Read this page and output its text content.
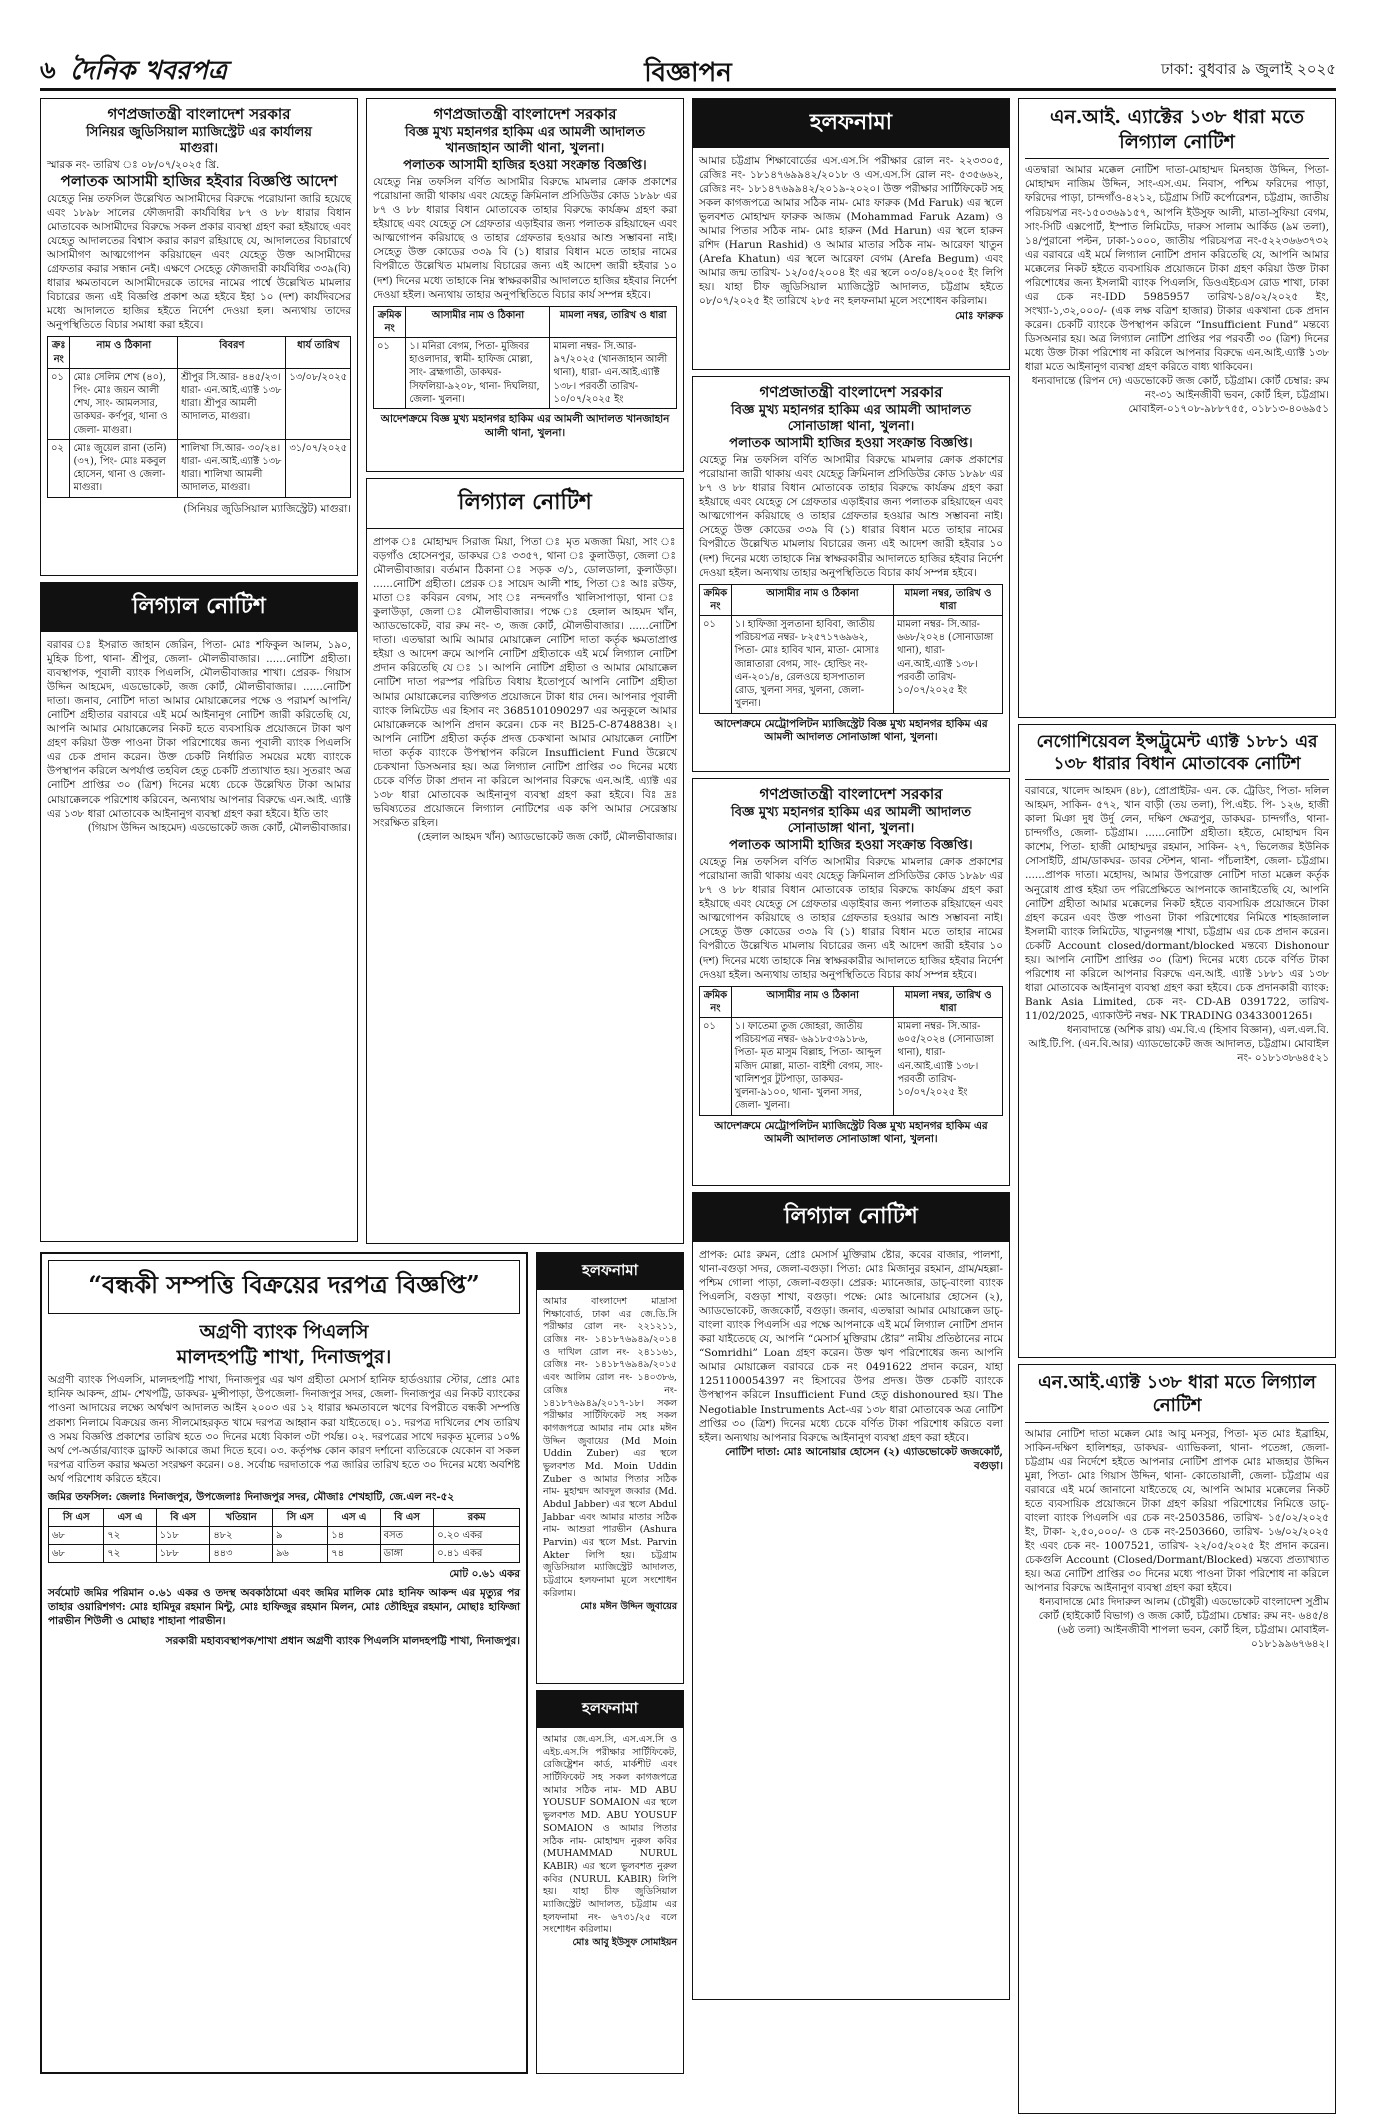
৬ দৈনিক খবরপত্র	বিজ্ঞাপন	ঢাকা: বুধবার ৯ জুলাই ২০২৫
গণপ্রজাতন্ত্রী বাংলাদেশ সরকার
সিনিয়র জুডিসিয়াল ম্যাজিস্ট্রেট এর কার্যালয়
মাগুরা।
স্মারক নং- তারিখ ঃ ০৮/০৭/২০২৫ খ্রি.
পলাতক আসামী হাজির হইবার বিজ্ঞপ্তি আদেশ
যেহেতু নিম্ন তফসিল উল্লেখিত আসামীদের বিরুদ্ধে পরোয়ানা জারি হয়েছে এবং ১৮৯৮ সালের ফৌজদারী কার্যবিধির ৮৭ ও ৮৮ ধারার বিধান মোতাবেক আসামীদের বিরুদ্ধে সকল প্রকার ব্যবস্থা গ্রহণ করা হইয়াছে এবং যেহেতু আদালতের বিশ্বাস করার কারণ রহিয়াছে যে, আদালতের বিচারার্থে আসামীগণ আত্মগোপন করিয়াছেন এবং যেহেতু উক্ত আসামীদের গ্রেফতার করার সন্ধান নেই। এক্ষণে সেহেতু ফৌজদারী কার্যবিধির ৩৩৯(বি) ধারার ক্ষমতাবলে আসামীদেরকে তাদের নামের পার্শ্বে উল্লেখিত মামলার বিচারের জন্য এই বিজ্ঞপ্তি প্রকাশ অত্র হইবে ইহা ১০ (দশ) কার্যদিবসের মধ্যে আদালতে হাজির হইতে নির্দেশ দেওয়া হল। অন্যথায় তাদের অনুপস্থিতিতে বিচার সমাধা করা হইবে।
ক্রঃ নং	নাম ও ঠিকানা	বিবরণ	ধার্য তারিখ
০১	মোঃ সেলিম শেখ (৪০), পিং- মোঃ জয়ন আলী শেখ, সাং- আমলসার, ডাকঘর- কর্ণপুর, থানা ও জেলা- মাগুরা।	শ্রীপুর সি.আর- ৪৪৫/২৩। ধারা- এন.আই.এ্যাক্ট ১৩৮ ধারা। শ্রীপুর আমলী আদালত, মাগুরা।	১৩/০৮/২০২৫
০২	মোঃ জুয়েল রানা (তনি) (৩৭), পিং- মোঃ মকবুল হোসেন, থানা ও জেলা- মাগুরা।	শালিখা সি.আর- ৩০/২৪। ধারা- এন.আই.এ্যাক্ট ১৩৮ ধারা। শালিখা আমলী আদালত, মাগুরা।	৩১/০৭/২০২৫
(সিনিয়র জুডিসিয়াল ম্যাজিস্ট্রেট) মাগুরা।
লিগ্যাল নোটিশ
বরাবর ঃ ইসরাত জাহান জেরিন, পিতা- মোঃ শফিকুল আলম, ১৯০, মুহিক চিপা, থানা- শ্রীপুর, জেলা- মৌলভীবাজার। ......নোটিশ গ্রহীতা। ব্যবস্থাপক, পূবালী ব্যাংক পিএলসি, মৌলভীবাজার শাখা। প্রেরক- গিয়াস উদ্দিন আহমেদ, এডভোকেট, জজ কোর্ট, মৌলভীবাজার। ......নোটিশ দাতা। জনাব, নোটিশ দাতা আমার মোয়াক্কেলের পক্ষে ও পরামর্শ আপনি/নোটিশ গ্রহীতার বরাবরে এই মর্মে আইনানুগ নোটিশ জারী করিতেছি যে, আপনি আমার মোয়াক্কেলের নিকট হতে ব্যবসায়িক প্রয়োজনে টাকা ঋণ গ্রহণ করিয়া উক্ত পাওনা টাকা পরিশোধের জন্য পূবালী ব্যাংক পিএলসি এর চেক প্রদান করেন। উক্ত চেকটি নির্ধারিত সময়ের মধ্যে ব্যাংকে উপস্থাপন করিলে অপর্যাপ্ত তহবিল হেতু চেকটি প্রত্যাখাত হয়। সুতরাং অত্র নোটিশ প্রাপ্তির ৩০ (ত্রিশ) দিনের মধ্যে চেকে উল্লেখিত টাকা আমার মোয়াক্কেলকে পরিশোধ করিবেন, অন্যথায় আপনার বিরুদ্ধে এন.আই. এ্যাক্ট এর ১৩৮ ধারা মোতাবেক আইনানুগ ব্যবস্থা গ্রহণ করা হইবে। ইতি তাং
(গিয়াস উদ্দিন আহমেদ) এডভোকেট জজ কোর্ট, মৌলভীবাজার।
“বন্ধকী সম্পত্তি বিক্রয়ের দরপত্র বিজ্ঞপ্তি”
অগ্রণী ব্যাংক পিএলসি
মালদহপট্টি শাখা, দিনাজপুর।
অগ্রণী ব্যাংক পিএলসি, মালদহপট্টি শাখা, দিনাজপুর এর ঋণ গ্রহীতা মেসার্স হানিফ হার্ডওয়্যার স্টোর, প্রোঃ মোঃ হানিফ আকন্দ, গ্রাম- শেখপট্টি, ডাকঘর- মুন্সীপাড়া, উপজেলা- দিনাজপুর সদর, জেলা- দিনাজপুর এর নিকট ব্যাংকের পাওনা আদায়ের লক্ষ্যে অর্থঋণ আদালত আইন ২০০৩ এর ১২ ধারার ক্ষমতাবলে ঋণের বিপরীতে বন্ধকী সম্পত্তি প্রকাশ্য নিলামে বিক্রয়ের জন্য সীলমোহরকৃত খামে দরপত্র আহ্বান করা যাইতেছে। ০১. দরপত্র দাখিলের শেষ তারিখ ও সময় বিজ্ঞপ্তি প্রকাশের তারিখ হতে ৩০ দিনের মধ্যে বিকাল ৩টা পর্যন্ত। ০২. দরপত্রের সাথে দরকৃত মূল্যের ১০% অর্থ পে-অর্ডার/ব্যাংক ড্রাফট আকারে জমা দিতে হবে। ০৩. কর্তৃপক্ষ কোন কারণ দর্শানো ব্যতিরেকে যেকোন বা সকল দরপত্র বাতিল করার ক্ষমতা সংরক্ষণ করেন। ০৪. সর্বোচ্চ দরদাতাকে পত্র জারির তারিখ হতে ৩০ দিনের মধ্যে অবশিষ্ট অর্থ পরিশোধ করিতে হইবে।
জমির তফসিল: জেলাঃ দিনাজপুর, উপজেলাঃ দিনাজপুর সদর, মৌজাঃ শেখহাটি, জে.এল নং-৫২
সি এস	এস এ	বি এস	খতিয়ান	সি এস	এস এ	বি এস	রকম
৬৮	৭২	১১৮	৪৮২	৯	১৪	বসত	০.২০ একর
৬৮	৭২	১৮৮	৪৪৩	৯৬	৭৪	ডাঙ্গা	০.৪১ একর
মোট ০.৬১ একর
সর্বমোট জমির পরিমান ০.৬১ একর ও তদস্থ অবকাঠামো এবং জমির মালিক মোঃ হানিফ আকন্দ এর মৃত্যুর পর তাহার ওয়ারিশগণ: মোঃ হামিদুর রহমান মিন্টু, মোঃ হাফিজুর রহমান মিলন, মোঃ তৌহিদুর রহমান, মোছাঃ হাফিজা পারভীন শিউলী ও মোছাঃ শাহানা পারভীন।
সরকারী মহাব্যবস্থাপক/শাখা প্রধান অগ্রণী ব্যাংক পিএলসি মালদহপট্টি শাখা, দিনাজপুর।
গণপ্রজাতন্ত্রী বাংলাদেশ সরকার
বিজ্ঞ মুখ্য মহানগর হাকিম এর আমলী আদালত
খানজাহান আলী থানা, খুলনা।
পলাতক আসামী হাজির হওয়া সংক্রান্ত বিজ্ঞপ্তি।
যেহেতু নিম্ন তফসিল বর্ণিত আসামীর বিরুদ্ধে মামলার ক্রোক প্রকাশের পরোয়ানা জারী থাকায় এবং যেহেতু ক্রিমিনাল প্রসিডিউর কোড ১৮৯৮ এর ৮৭ ও ৮৮ ধারার বিধান মোতাবেক তাহার বিরুদ্ধে কার্যক্রম গ্রহণ করা হইয়াছে এবং যেহেতু সে গ্রেফতার এড়াইবার জন্য পলাতক রহিয়াছেন এবং আত্মগোপন করিয়াছে ও তাহার গ্রেফতার হওয়ার আশু সম্ভাবনা নাই। সেহেতু উক্ত কোডের ৩৩৯ বি (১) ধারার বিধান মতে তাহার নামের বিপরীতে উল্লেখিত মামলায় বিচারের জন্য এই আদেশ জারী হইবার ১০ (দশ) দিনের মধ্যে তাহাকে নিম্ন স্বাক্ষরকারীর আদালতে হাজির হইবার নির্দেশ দেওয়া হইল। অন্যথায় তাহার অনুপস্থিতিতে বিচার কার্য সম্পন্ন হইবে।
ক্রমিক নং	আসামীর নাম ও ঠিকানা	মামলা নম্বর, তারিখ ও ধারা
০১	১। মনিরা বেগম, পিতা- মুজিবর হাওলাদার, স্বামী- হাফিজ মোল্লা, সাং- ব্রহ্মগাতী, ডাকঘর- সিফলিয়া-৯২০৮, থানা- দিঘলিয়া, জেলা- খুলনা।	মামলা নম্বর- সি.আর- ৯৭/২০২৫ (খানজাহান আলী থানা), ধারা- এন.আই.এ্যাক্ট ১৩৮। পরবর্তী তারিখ- ১০/০৭/২০২৫ ইং
আদেশক্রমে বিজ্ঞ মুখ্য মহানগর হাকিম এর আমলী আদালত খানজাহান আলী থানা, খুলনা।
লিগ্যাল নোটিশ
প্রাপক ঃ মোহাম্মদ সিরাজ মিয়া, পিতা ঃ মৃত মজজা মিয়া, সাং ঃ বড়গাঁও হোসেনপুর, ডাকঘর ঃ ৩৩৫৭, থানা ঃ কুলাউড়া, জেলা ঃ মৌলভীবাজার। বর্তমান ঠিকানা ঃ সড়ক ৩/১, ডোলডালা, কুলাউড়া। ......নোটিশ গ্রহীতা। প্রেরক ঃ সায়েদ আলী শাহ, পিতা ঃ আঃ রউফ, মাতা ঃ কবিরন বেগম, সাং ঃ নন্দনগাঁও খালিসাপাড়া, থানা ঃ কুলাউড়া, জেলা ঃ মৌলভীবাজার। পক্ষে ঃ হেলাল আহমদ খাঁন, অ্যাডভোকেট, বার রুম নং- ৩, জজ কোর্ট, মৌলভীবাজার। ......নোটিশ দাতা। এতদ্বারা আমি আমার মোয়াক্কেল নোটিশ দাতা কর্তৃক ক্ষমতাপ্রাপ্ত হইয়া ও আদেশ ক্রমে আপনি নোটিশ গ্রহীতাকে এই মর্মে লিগ্যাল নোটিশ প্রদান করিতেছি যে ঃ ১। আপনি নোটিশ গ্রহীতা ও আমার মোয়াক্কেল নোটিশ দাতা পরস্পর পরিচিত বিধায় ইতোপূর্বে আপনি নোটিশ গ্রহীতা আমার মোয়াক্কেলের ব্যক্তিগত প্রয়োজনে টাকা ধার দেন। আপনার পূবালী ব্যাংক লিমিটেড এর হিসাব নং 3685101090297 এর অনুকূলে আমার মোয়াক্কেলকে আপনি প্রদান করেন। চেক নং BI25-C-8748838। ২। আপনি নোটিশ গ্রহীতা কর্তৃক প্রদত্ত চেকখানা আমার মোয়াক্কেল নোটিশ দাতা কর্তৃক ব্যাংকে উপস্থাপন করিলে Insufficient Fund উল্লেখে চেকখানা ডিসঅনার হয়। অত্র লিগ্যাল নোটিশ প্রাপ্তির ৩০ দিনের মধ্যে চেকে বর্ণিত টাকা প্রদান না করিলে আপনার বিরুদ্ধে এন.আই. এ্যাক্ট এর ১৩৮ ধারা মোতাবেক আইনানুগ ব্যবস্থা গ্রহণ করা হইবে। বিঃ দ্রঃ ভবিষ্যতের প্রয়োজনে লিগ্যাল নোটিশের এক কপি আমার সেরেস্তায় সংরক্ষিত রহিল।
(হেলাল আহমদ খাঁন) অ্যাডভোকেট জজ কোর্ট, মৌলভীবাজার।
হলফনামা
আমার বাংলাদেশ মাদ্রাসা শিক্ষাবোর্ড, ঢাকা এর জে.ডি.সি পরীক্ষার রোল নং- ২২১২১১, রেজিঃ নং- ১৪১৮৭৬৯৪৯/২০১৪ ও দাখিল রোল নং- ২৪১১৬১, রেজিঃ নং- ১৪১৮৭৬৯৪৯/২০১৫ এবং আলিম রোল নং- ১৪০৩৮৬, রেজিঃ নং- ১৪১৮৭৬৯৪৯/২০১৭-১৮। সকল পরীক্ষার সার্টিফিকেট সহ সকল কাগজপত্রে আমার নাম মোঃ মঈন উদ্দিন জুবায়ের (Md Moin Uddin Zuber) এর স্থলে ভুলবশত Md. Moin Uddin Zuber ও আমার পিতার সঠিক নাম- মুহাম্মদ আবদুল জব্বার (Md. Abdul Jabber) এর স্থলে Abdul Jabbar এবং আমার মাতার সঠিক নাম- আশুরা পারভীন (Ashura Parvin) এর স্থলে Mst. Parvin Akter লিপি হয়। চট্টগ্রাম জুডিসিয়াল ম্যাজিস্ট্রেট আদালত, চট্টগ্রামে হলফনামা মূলে সংশোধন করিলাম।
মোঃ মঈন উদ্দিন জুবায়ের
হলফনামা
আমার জে.এস.সি, এস.এস.সি ও এইচ.এস.সি পরীক্ষার সার্টিফিকেট, রেজিষ্ট্রেশন কার্ড, মার্কশীট এবং সার্টিফিকেট সহ সকল কাগজপত্রে আমার সঠিক নাম- MD ABU YOUSUF SOMAION এর স্থলে ভুলবশত MD. ABU YOUSUF SOMAION ও আমার পিতার সঠিক নাম- মোহাম্মদ নুরুল কবির (MUHAMMAD NURUL KABIR) এর স্থলে ভুলবশত নুরুল কবির (NURUL KABIR) লিপি হয়। যাহা চীফ জুডিসিয়াল ম্যাজিস্ট্রেট আদালত, চট্টগ্রাম এর হলফনামা নং- ৬৭৩১/২৫ বলে সংশোধন করিলাম।
মোঃ আবু ইউসুফ সোমাইয়ন
হলফনামা
আমার চট্টগ্রাম শিক্ষাবোর্ডের এস.এস.সি পরীক্ষার রোল নং- ২২৩৩০৫, রেজিঃ নং- ১৮১৪৭৬৯৯৪২/২০১৮ ও এস.এস.সি রোল নং- ৫৩৫৬৬২, রেজিঃ নং- ১৮১৪৭৬৯৯৪২/২০১৯-২০২০। উক্ত পরীক্ষার সার্টিফিকেট সহ সকল কাগজপত্রে আমার সঠিক নাম- মোঃ ফারুক (Md Faruk) এর স্থলে ভুলবশত মোহাম্মদ ফারুক আজম (Mohammad Faruk Azam) ও আমার পিতার সঠিক নাম- মোঃ হারুন (Md Harun) এর স্থলে হারুন রশিদ (Harun Rashid) ও আমার মাতার সঠিক নাম- আরেফা খাতুন (Arefa Khatun) এর স্থলে আরেফা বেগম (Arefa Begum) এবং আমার জন্ম তারিখ- ১২/০৫/২০০৪ ইং এর স্থলে ০৩/০৪/২০০৫ ইং লিপি হয়। যাহা চীফ জুডিসিয়াল ম্যাজিস্ট্রেট আদালত, চট্টগ্রাম হইতে ০৮/০৭/২০২৫ ইং তারিখে ২৮৫ নং হলফনামা মূলে সংশোধন করিলাম।
মোঃ ফারুক
গণপ্রজাতন্ত্রী বাংলাদেশ সরকার
বিজ্ঞ মুখ্য মহানগর হাকিম এর আমলী আদালত
সোনাডাঙ্গা থানা, খুলনা।
পলাতক আসামী হাজির হওয়া সংক্রান্ত বিজ্ঞপ্তি।
যেহেতু নিম্ন তফসিল বর্ণিত আসামীর বিরুদ্ধে মামলার ক্রোক প্রকাশের পরোয়ানা জারী থাকায় এবং যেহেতু ক্রিমিনাল প্রসিডিউর কোড ১৮৯৮ এর ৮৭ ও ৮৮ ধারার বিধান মোতাবেক তাহার বিরুদ্ধে কার্যক্রম গ্রহণ করা হইয়াছে এবং যেহেতু সে গ্রেফতার এড়াইবার জন্য পলাতক রহিয়াছেন এবং আত্মগোপন করিয়াছে ও তাহার গ্রেফতার হওয়ার আশু সম্ভাবনা নাই। সেহেতু উক্ত কোডের ৩৩৯ বি (১) ধারার বিধান মতে তাহার নামের বিপরীতে উল্লেখিত মামলায় বিচারের জন্য এই আদেশ জারী হইবার ১০ (দশ) দিনের মধ্যে তাহাকে নিম্ন স্বাক্ষরকারীর আদালতে হাজির হইবার নির্দেশ দেওয়া হইল। অন্যথায় তাহার অনুপস্থিতিতে বিচার কার্য সম্পন্ন হইবে।
ক্রমিক নং	আসামীর নাম ও ঠিকানা	মামলা নম্বর, তারিখ ও ধারা
০১	১। হাফিজা সুলতানা হাবিবা, জাতীয় পরিচয়পত্র নম্বর- ৮২৫৭১৭৬৯৬২, পিতা- মোঃ হাবিব খান, মাতা- মোসাঃ জান্নাতারা বেগম, সাং- হোল্ডিং নং- এন-২০১/৪, রেলওয়ে হাসপাতাল রোড, খুলনা সদর, খুলনা, জেলা- খুলনা।	মামলা নম্বর- সি.আর- ৬৬৮/২০২৪ (সোনাডাঙ্গা থানা), ধারা- এন.আই.এ্যাক্ট ১৩৮। পরবর্তী তারিখ- ১০/০৭/২০২৫ ইং
আদেশক্রমে মেট্রোপলিটন ম্যাজিস্ট্রেট বিজ্ঞ মুখ্য মহানগর হাকিম এর আমলী আদালত সোনাডাঙ্গা থানা, খুলনা।
গণপ্রজাতন্ত্রী বাংলাদেশ সরকার
বিজ্ঞ মুখ্য মহানগর হাকিম এর আমলী আদালত
সোনাডাঙ্গা থানা, খুলনা।
পলাতক আসামী হাজির হওয়া সংক্রান্ত বিজ্ঞপ্তি।
যেহেতু নিম্ন তফসিল বর্ণিত আসামীর বিরুদ্ধে মামলার ক্রোক প্রকাশের পরোয়ানা জারী থাকায় এবং যেহেতু ক্রিমিনাল প্রসিডিউর কোড ১৮৯৮ এর ৮৭ ও ৮৮ ধারার বিধান মোতাবেক তাহার বিরুদ্ধে কার্যক্রম গ্রহণ করা হইয়াছে এবং যেহেতু সে গ্রেফতার এড়াইবার জন্য পলাতক রহিয়াছেন এবং আত্মগোপন করিয়াছে ও তাহার গ্রেফতার হওয়ার আশু সম্ভাবনা নাই। সেহেতু উক্ত কোডের ৩৩৯ বি (১) ধারার বিধান মতে তাহার নামের বিপরীতে উল্লেখিত মামলায় বিচারের জন্য এই আদেশ জারী হইবার ১০ (দশ) দিনের মধ্যে তাহাকে নিম্ন স্বাক্ষরকারীর আদালতে হাজির হইবার নির্দেশ দেওয়া হইল। অন্যথায় তাহার অনুপস্থিতিতে বিচার কার্য সম্পন্ন হইবে।
ক্রমিক নং	আসামীর নাম ও ঠিকানা	মামলা নম্বর, তারিখ ও ধারা
০১	১। ফাতেমা তুজ জোহরা, জাতীয় পরিচয়পত্র নম্বর- ৬৯১৮৫৩৯১৮৬, পিতা- মৃত মাসুম বিল্লাহ, পিতা- আব্দুল মজিদ মোল্লা, মাতা- বাইশী বেগম, সাং- খালিশপুর টুটপাড়া, ডাকঘর- খুলনা-৯১০০, থানা- খুলনা সদর, জেলা- খুলনা।	মামলা নম্বর- সি.আর- ৬০৫/২০২৪ (সোনাডাঙ্গা থানা), ধারা- এন.আই.এ্যাক্ট ১৩৮। পরবর্তী তারিখ- ১০/০৭/২০২৫ ইং
আদেশক্রমে মেট্রোপলিটন ম্যাজিস্ট্রেট বিজ্ঞ মুখ্য মহানগর হাকিম এর আমলী আদালত সোনাডাঙ্গা থানা, খুলনা।
লিগ্যাল নোটিশ
প্রাপক: মোঃ রুমন, প্রোঃ মেসার্স মুক্তিরাম ষ্টোর, কবের বাজার, পালশা, থানা-বগুড়া সদর, জেলা-বগুড়া। পিতা: মোঃ মিজানুর রহমান, গ্রাম/মহল্লা- পশ্চিম গোলা পাড়া, জেলা-বগুড়া। প্রেরক: ম্যানেজার, ডাচ্-বাংলা ব্যাংক পিএলসি, বগুড়া শাখা, বগুড়া। পক্ষে: মোঃ আনোয়ার হোসেন (২), অ্যাডভোকেট, জজকোর্ট, বগুড়া। জনাব, এতদ্বারা আমার মোয়াক্কেল ডাচ্-বাংলা ব্যাংক পিএলসি এর পক্ষে আপনাকে এই মর্মে লিগ্যাল নোটিশ প্রদান করা যাইতেছে যে, আপনি “মেসার্স মুক্তিরাম ষ্টোর” নামীয় প্রতিষ্ঠানের নামে “Somridhi” Loan গ্রহণ করেন। উক্ত ঋণ পরিশোধের জন্য আপনি আমার মোয়াক্কেল বরাবরে চেক নং 0491622 প্রদান করেন, যাহা 1251100054397 নং হিসাবের উপর প্রদত্ত। উক্ত চেকটি ব্যাংকে উপস্থাপন করিলে Insufficient Fund হেতু dishonoured হয়। The Negotiable Instruments Act-এর ১৩৮ ধারা মোতাবেক অত্র নোটিশ প্রাপ্তির ৩০ (ত্রিশ) দিনের মধ্যে চেকে বর্ণিত টাকা পরিশোধ করিতে বলা হইল। অন্যথায় আপনার বিরুদ্ধে আইনানুগ ব্যবস্থা গ্রহণ করা হইবে।
নোটিশ দাতা: মোঃ আনোয়ার হোসেন (২) এ্যাডভোকেট জজকোর্ট, বগুড়া।
এন.আই. এ্যাক্টের ১৩৮ ধারা মতে লিগ্যাল নোটিশ
এতদ্বারা আমার মক্কেল নোটিশ দাতা-মোহাম্মদ মিনহাজ উদ্দিন, পিতা-মোহাম্মদ নাজিম উদ্দিন, সাং-এস.এম. নিবাস, পশ্চিম ফরিদের পাড়া, ফরিদের পাড়া, চান্দগাঁও-৪২১২, চট্টগ্রাম সিটি কর্পোরেশন, চট্টগ্রাম, জাতীয় পরিচয়পত্র নং-১৫০৩৬৯১৫৭, আপনি ইউসুফ আলী, মাতা-সুফিয়া বেগম, সাং-সিটি এক্সপোর্ট, ইস্পাত লিমিটেড, দারুস সালাম আর্কিড (৯ম তলা), ১৪/পুরানো পল্টন, ঢাকা-১০০০, জাতীয় পরিচয়পত্র নং-৫২২৩৬৬৩৭৩২ এর বরাবরে এই মর্মে লিগ্যাল নোটিশ প্রদান করিতেছি যে, আপনি আমার মক্কেলের নিকট হইতে ব্যবসায়িক প্রয়োজনে টাকা গ্রহণ করিয়া উক্ত টাকা পরিশোধের জন্য ইসলামী ব্যাংক পিএলসি, ডিওএইচএস রোড শাখা, ঢাকা এর চেক নং-IDD 5985957 তারিখ-১৪/০২/২০২৫ ইং, সংখ্যা-১,৩২,০০০/- (এক লক্ষ বত্রিশ হাজার) টাকার একখানা চেক প্রদান করেন। চেকটি ব্যাংকে উপস্থাপন করিলে “Insufficient Fund” মন্তব্যে ডিসঅনার হয়। অত্র লিগ্যাল নোটিশ প্রাপ্তির পর পরবর্তী ৩০ (ত্রিশ) দিনের মধ্যে উক্ত টাকা পরিশোধ না করিলে আপনার বিরুদ্ধে এন.আই.এ্যাক্ট ১৩৮ ধারা মতে আইনানুগ ব্যবস্থা গ্রহণ করিতে বাধ্য থাকিবেন।
ধন্যবাদান্তে (রিপন দে) এডভোকেট জজ কোর্ট, চট্টগ্রাম। কোর্ট চেম্বার: রুম নং-৩১ আইনজীবী ভবন, কোর্ট হিল, চট্টগ্রাম। মোবাইল-০১৭০৮-৯৮৮৭৫৫, ০১৮১৩-৪০৬৯৫১
নেগোশিয়েবল ইন্সট্রুমেন্ট এ্যাক্ট ১৮৮১ এর ১৩৮ ধারার বিধান মোতাবেক নোটিশ
বরাবরে, খালেদ আহমদ (৪৮), প্রোপ্রাইটর- এন. কে. ট্রেডিং, পিতা- দলিল আহমদ, সাকিন- ৫৭২, খান বাড়ী (তয় তলা), পি.এইচ. পি- ১২৬, হাজী কালা মিঞা দুধ উর্দু লেন, দক্ষিণ ক্ষেত্রপুর, ডাকঘর- চান্দগাঁও, থানা- চান্দগাঁও, জেলা- চট্টগ্রাম। ......নোটিশ গ্রহীতা। হইতে, মোহাম্মদ বিন কাশেম, পিতা- হাজী মোহাম্মদুর রহমান, সাকিন- ২৭, ভিলেজর ইউনিক সোসাইটি, গ্রাম/ডাকঘর- ডাবর স্টেশন, থানা- পাঁচলাইশ, জেলা- চট্টগ্রাম। ......প্রাপক দাতা। মহোদয়, আমার উপরোক্ত নোটিশ দাতা মক্কেল কর্তৃক অনুরোধ প্রাপ্ত হইয়া তদ পরিপ্রেক্ষিতে আপনাকে জানাইতেছি যে, আপনি নোটিশ গ্রহীতা আমার মক্কেলের নিকট হইতে ব্যবসায়িক প্রয়োজনে টাকা গ্রহণ করেন এবং উক্ত পাওনা টাকা পরিশোধের নিমিত্তে শাহজালাল ইসলামী ব্যাংক লিমিটেড, খাতুনগঞ্জ শাখা, চট্টগ্রাম এর চেক প্রদান করেন। চেকটি Account closed/dormant/blocked মন্তব্যে Dishonour হয়। আপনি নোটিশ প্রাপ্তির ৩০ (ত্রিশ) দিনের মধ্যে চেকে বর্ণিত টাকা পরিশোধ না করিলে আপনার বিরুদ্ধে এন.আই. এ্যাক্ট ১৮৮১ এর ১৩৮ ধারা মোতাবেক আইনানুগ ব্যবস্থা গ্রহণ করা হইবে। চেক প্রদানকারী ব্যাংক: Bank Asia Limited, চেক নং- CD-AB 0391722, তারিখ- 11/02/2025, এ্যাকাউন্ট নম্বর- NK TRADING 03433001265।
ধন্যবাদান্তে (অশিক রায়) এম.বি.এ (হিসাব বিজ্ঞান), এল.এল.বি. আই.টি.পি. (এন.বি.আর) এ্যাডভোকেট জজ আদালত, চট্টগ্রাম। মোবাইল নং- ০১৮১৩৮৬৪৫২১
এন.আই.এ্যাক্ট ১৩৮ ধারা মতে লিগ্যাল নোটিশ
আমার নোটিশ দাতা মক্কেল মোঃ আবু মনসুর, পিতা- মৃত মোঃ ইব্রাহিম, সাকিন-দক্ষিণ হালিশহর, ডাকঘর- এ্যাভিকলা, থানা- পতেঙ্গা, জেলা- চট্টগ্রাম এর নির্দেশে হইতে আপনার নোটিশ প্রাপক মোঃ মাজহার উদ্দিন মুন্না, পিতা- মোঃ গিয়াস উদ্দিন, থানা- কোতোয়ালী, জেলা- চট্টগ্রাম এর বরাবরে এই মর্মে জানানো যাইতেছে যে, আপনি আমার মক্কেলের নিকট হতে ব্যবসায়িক প্রয়োজনে টাকা গ্রহণ করিয়া পরিশোধের নিমিত্তে ডাচ্-বাংলা ব্যাংক পিএলসি এর চেক নং-2503586, তারিখ- ১৫/০২/২০২৫ ইং, টাকা- ২,৫০,০০০/- ও চেক নং-2503660, তারিখ- ১৬/০২/২০২৫ ইং এবং চেক নং- 1007521, তারিখ- ২২/০৫/২০২৫ ইং প্রদান করেন। চেকগুলি Account (Closed/Dormant/Blocked) মন্তব্যে প্রত্যাখ্যাত হয়। অত্র নোটিশ প্রাপ্তির ৩০ দিনের মধ্যে পাওনা টাকা পরিশোধ না করিলে আপনার বিরুদ্ধে আইনানুগ ব্যবস্থা গ্রহণ করা হইবে।
ধন্যবাদান্তে মোঃ দিদারুল আলম (চৌধুরী) এডভোকেট বাংলাদেশ সুপ্রীম কোর্ট (হাইকোর্ট বিভাগ) ও জজ কোর্ট, চট্টগ্রাম। চেম্বার: রুম নং- ৬৪৫/৪ (৬ষ্ঠ তলা) আইনজীবী শাপলা ভবন, কোর্ট হিল, চট্টগ্রাম। মোবাইল- ০১৮১৯৯৬৭৬৪২।
